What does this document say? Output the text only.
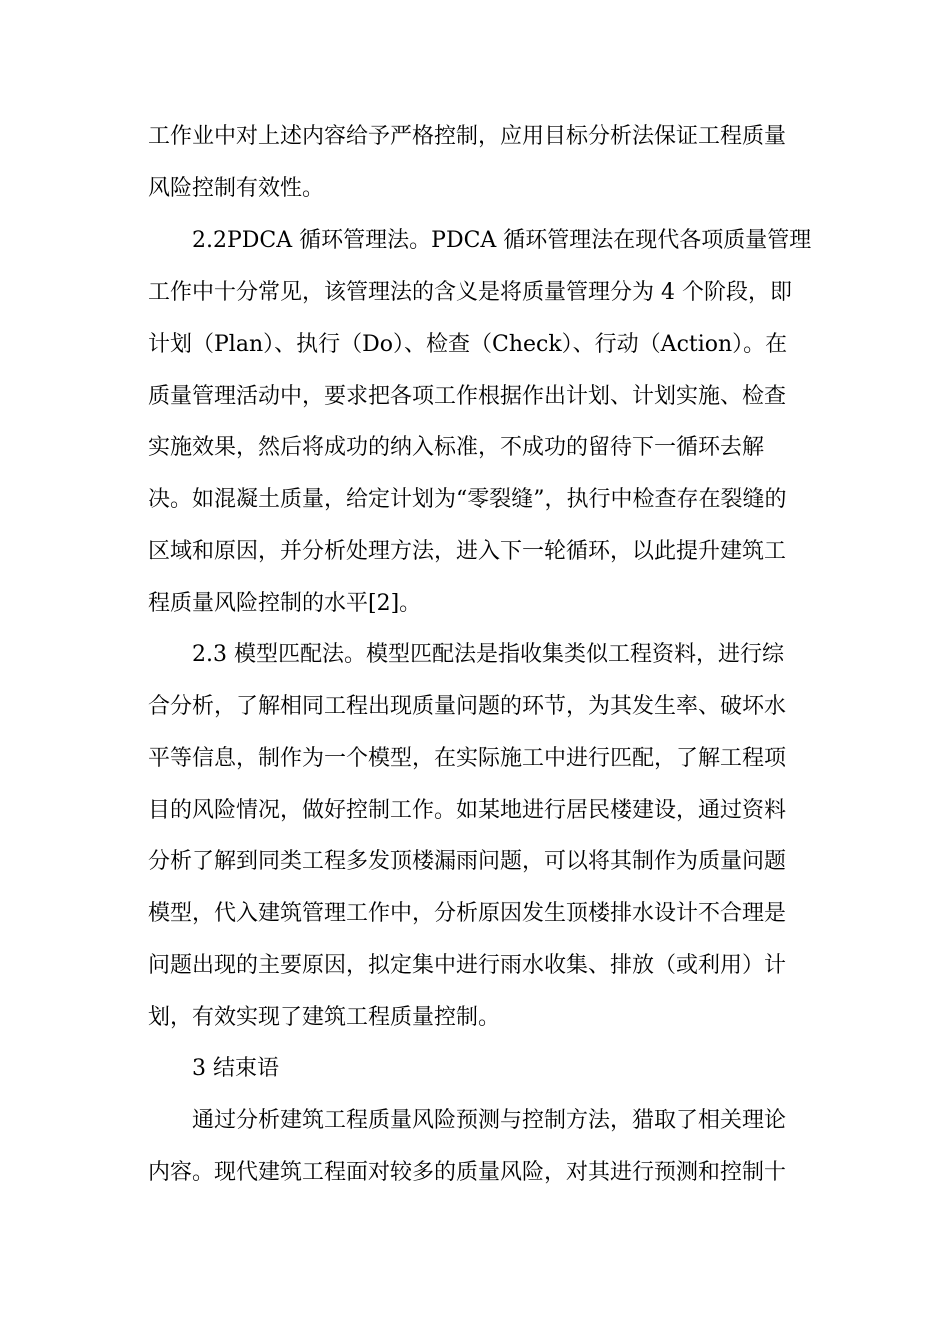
工作业中对上述内容给予严格控制，应用目标分析法保证工程质量
风险控制有效性。
2.2PDCA 循环管理法。PDCA 循环管理法在现代各项质量管理
工作中十分常见，该管理法的含义是将质量管理分为 4 个阶段，即
计划（Plan）、执行（Do）、检查（Check）、行动（Action）。在
质量管理活动中，要求把各项工作根据作出计划、计划实施、检查
实施效果，然后将成功的纳入标准，不成功的留待下一循环去解
决。如混凝土质量，给定计划为“零裂缝”，执行中检查存在裂缝的
区域和原因，并分析处理方法，进入下一轮循环，以此提升建筑工
程质量风险控制的水平[2]。
2.3 模型匹配法。模型匹配法是指收集类似工程资料，进行综
合分析，了解相同工程出现质量问题的环节，为其发生率、破坏水
平等信息，制作为一个模型，在实际施工中进行匹配，了解工程项
目的风险情况，做好控制工作。如某地进行居民楼建设，通过资料
分析了解到同类工程多发顶楼漏雨问题，可以将其制作为质量问题
模型，代入建筑管理工作中，分析原因发生顶楼排水设计不合理是
问题出现的主要原因，拟定集中进行雨水收集、排放（或利用）计
划，有效实现了建筑工程质量控制。
3 结束语
通过分析建筑工程质量风险预测与控制方法，猎取了相关理论
内容。现代建筑工程面对较多的质量风险，对其进行预测和控制十
